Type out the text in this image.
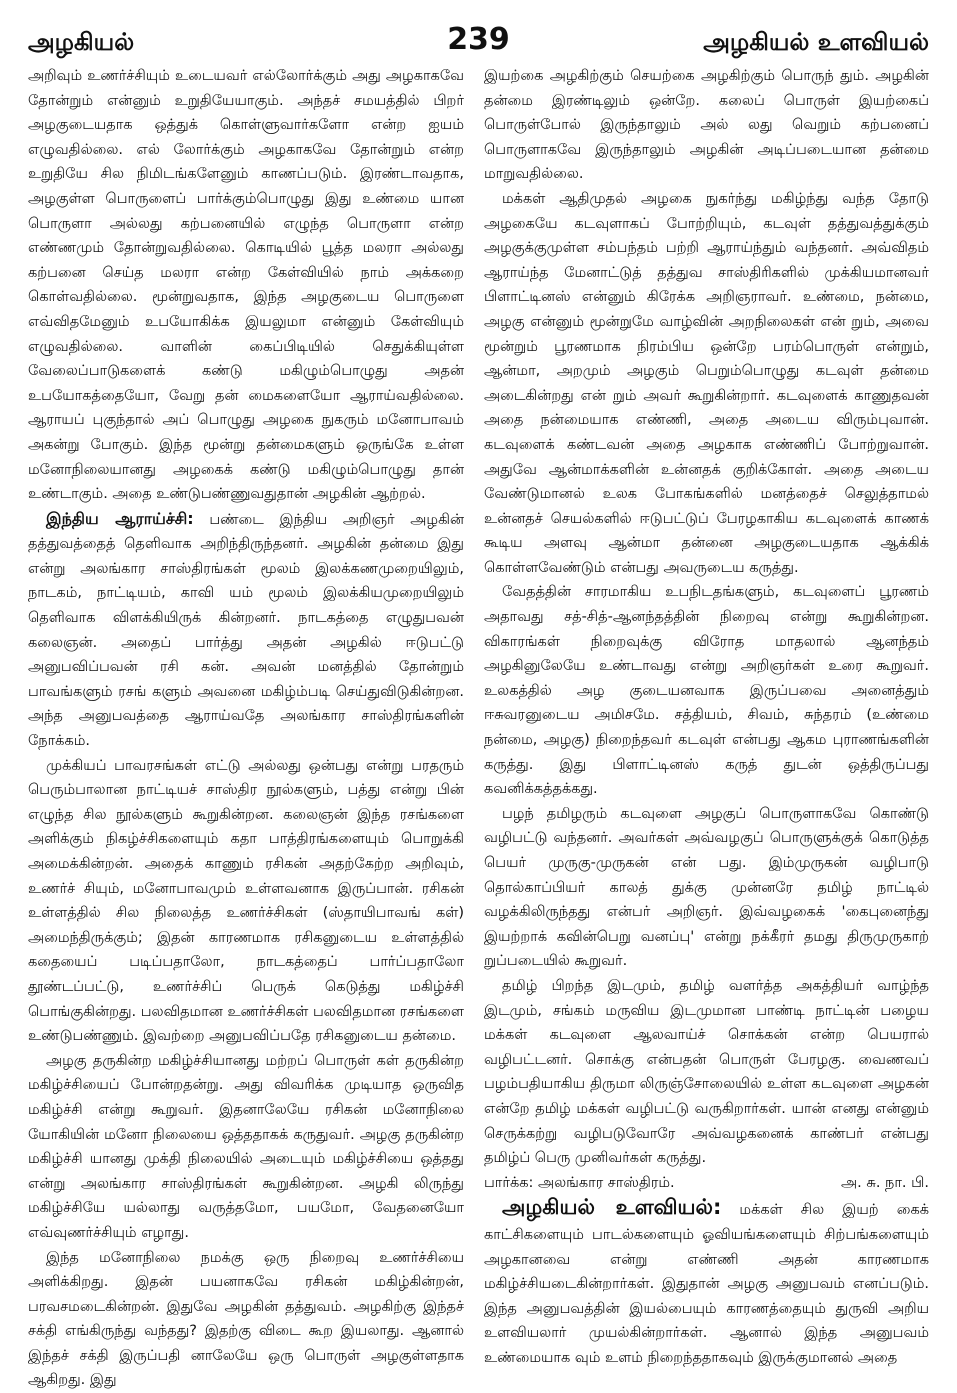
அழகியல்	239	அழகியல் உளவியல்

அறிவும் உணர்ச்சியும் உடையவர் எல்லோர்க்கும் அது அழகாகவே தோன்றும் என்னும் உறுதியேயாகும். அந்தச் சமயத்தில் பிறர் அழகுடையதாக ஒத்துக் கொள்ளுவார்களோ என்ற ஐயம் எழுவதில்லை. எல் லோர்க்கும் அழகாகவே தோன்றும் என்ற உறுதியே சில நிமிடங்களேனும் காணப்படும். இரண்டாவதாக, அழகுள்ள பொருளைப் பார்க்கும்பொழுது இது உண்மை யான பொருளா அல்லது கற்பனையில் எழுந்த பொருளா என்ற எண்ணமும் தோன்றுவதில்லை. கொடியில் பூத்த மலரா அல்லது கற்பனை செய்த மலரா என்ற கேள்வியில் நாம் அக்கறை கொள்வதில்லை. மூன்றுவதாக, இந்த அழகுடைய பொருளை எவ்விதமேனும் உபயோகிக்க இயலுமா என்னும் கேள்வியும் எழுவதில்லை. வாளின் கைப்பிடியில் செதுக்கியுள்ள வேலைப்பாடுகளைக் கண்டு மகிழும்பொழுது அதன் உபயோகத்தையோ, வேறு தன் மைகளையோ ஆராய்வதில்லை. ஆராயப் புகுந்தால் அப் பொழுது அழகை நுகரும் மனோபாவம் அகன்று போகும். இந்த மூன்று தன்மைகளும் ஒருங்கே உள்ள மனோநிலையானது அழகைக் கண்டு மகிழும்பொழுது தான் உண்டாகும். அதை உண்டுபண்ணுவதுதான் அழகின் ஆற்றல்.

இந்திய ஆராய்ச்சி: பண்டை இந்திய அறிஞர் அழகின் தத்துவத்தைத் தெளிவாக அறிந்திருந்தனர். அழகின் தன்மை இது என்று அலங்கார சாஸ்திரங்கள் மூலம் இலக்கணமுறையிலும், நாடகம், நாட்டியம், காவி யம் மூலம் இலக்கியமுறையிலும் தெளிவாக விளக்கியிருக் கின்றனர். நாடகத்தை எழுதுபவன் கலைஞன். அதைப் பார்த்து அதன் அழகில் ஈடுபட்டு அனுபவிப்பவன் ரசி கன். அவன் மனத்தில் தோன்றும் பாவங்களும் ரசங் களும் அவனை மகிழ்ம்படி செய்துவிடுகின்றன. அந்த அனுபவத்தை ஆராய்வதே அலங்கார சாஸ்திரங்களின் நோக்கம்.

முக்கியப் பாவரசங்கள் எட்டு அல்லது ஒன்பது என்று பரதரும் பெரும்பாலான நாட்டியச் சாஸ்திர நூல்களும், பத்து என்று பின் எழுந்த சில நூல்களும் கூறுகின்றன. கலைஞன் இந்த ரசங்களை அளிக்கும் நிகழ்ச்சிகளையும் கதா பாத்திரங்களையும் பொறுக்கி அமைக்கின்றன். அதைக் காணும் ரசிகன் அதற்கேற்ற அறிவும், உணர்ச் சியும், மனோபாவமும் உள்ளவனாக இருப்பான். ரசிகன் உள்ளத்தில் சில நிலைத்த உணர்ச்சிகள் (ஸ்தாயிபாவங் கள்) அமைந்திருக்கும்; இதன் காரணமாக ரசிகனுடைய உள்ளத்தில் கதையைப் படிப்பதாலோ, நாடகத்தைப் பார்ப்பதாலோ தூண்டப்பட்டு, உணர்ச்சிப் பெருக் கெடுத்து மகிழ்ச்சி பொங்குகின்றது. பலவிதமான உணர்ச்சிகள் பலவிதமான ரசங்களை உண்டுபண்ணும். இவற்றை அனுபவிப்பதே ரசிகனுடைய தன்மை.

அழகு தருகின்ற மகிழ்ச்சியானது மற்றப் பொருள் கள் தருகின்ற மகிழ்ச்சியைப் போன்றதன்று. அது விவரிக்க முடியாத ஒருவித மகிழ்ச்சி என்று கூறுவர். இதனாலேயே ரசிகன் மனோநிலை யோகியின் மனோ நிலையை ஒத்ததாகக் கருதுவர். அழகு தருகின்ற மகிழ்ச்சி யானது முக்தி நிலையில் அடையும் மகிழ்ச்சியை ஒத்தது என்று அலங்கார சாஸ்திரங்கள் கூறுகின்றன. அழகி லிருந்து மகிழ்ச்சியே யல்லாது வருத்தமோ, பயமோ, வேதனையோ எவ்வுணர்ச்சியும் எழாது.

இந்த மனோநிலை நமக்கு ஒரு நிறைவு உணர்ச்சியை அளிக்கிறது. இதன் பயனாகவே ரசிகன் மகிழ்கின்றன், பரவசமடைகின்றன். இதுவே அழகின் தத்துவம். அழகிற்கு இந்தச் சக்தி எங்கிருந்து வந்தது? இதற்கு விடை கூற இயலாது. ஆனால் இந்தச் சக்தி இருப்பதி னாலேயே ஒரு பொருள் அழகுள்ளதாக ஆகிறது. இது

இயற்கை அழகிற்கும் செயற்கை அழகிற்கும் பொருந் தும். அழகின் தன்மை இரண்டிலும் ஒன்றே. கலைப் பொருள் இயற்கைப் பொருள்போல் இருந்தாலும் அல் லது வெறும் கற்பனைப் பொருளாகவே இருந்தாலும் அழகின் அடிப்படையான தன்மை மாறுவதில்லை.

மக்கள் ஆதிமுதல் அழகை நுகர்ந்து மகிழ்ந்து வந்த தோடு அழகையே கடவுளாகப் போற்றியும், கடவுள் தத்துவத்துக்கும் அழகுக்குமுள்ள சம்பந்தம் பற்றி ஆராய்ந்தும் வந்தனர். அவ்விதம் ஆராய்ந்த மேனாட்டுத் தத்துவ சாஸ்திரிகளில் முக்கியமானவர் பிளாட்டினஸ் என்னும் கிரேக்க அறிஞராவர். உண்மை, நன்மை, அழகு என்னும் மூன்றுமே வாழ்வின் அறநிலைகள் என் றும், அவை மூன்றும் பூரணமாக நிரம்பிய ஒன்றே பரம்பொருள் என்றும், ஆன்மா, அறமும் அழகும் பெறும்பொழுது கடவுள் தன்மை அடைகின்றது என் றும் அவர் கூறுகின்றார். கடவுளைக் காணுதவன் அதை நன்மையாக எண்ணி, அதை அடைய விரும்புவான். கடவுளைக் கண்டவன் அதை அழகாக எண்ணிப் போற்றுவான். அதுவே ஆன்மாக்களின் உன்னதக் குறிக்கோள். அதை அடைய வேண்டுமானல் உலக போகங்களில் மனத்தைச் செலுத்தாமல் உன்னதச் செயல்களில் ஈடுபட்டுப் பேரழகாகிய கடவுளைக் காணக் கூடிய அளவு ஆன்மா தன்னை அழகுடையதாக ஆக்கிக் கொள்ளவேண்டும் என்பது அவருடைய கருத்து.

வேதத்தின் சாரமாகிய உபநிடதங்களும், கடவுளைப் பூரணம் அதாவது சத்-சித்-ஆனந்தத்தின் நிறைவு என்று கூறுகின்றன. விகாரங்கள் நிறைவுக்கு விரோத மாதலால் ஆனந்தம் அழகினுலேயே உண்டாவது என்று அறிஞர்கள் உரை கூறுவர். உலகத்தில் அழ குடையனவாக இருப்பவை அனைத்தும் ஈசுவரனுடைய அமிசமே. சத்தியம், சிவம், சுந்தரம் (உண்மை நன்மை, அழகு) நிறைந்தவர் கடவுள் என்பது ஆகம புராணங்களின் கருத்து. இது பிளாட்டினஸ் கருத் துடன் ஒத்திருப்பது கவனிக்கத்தக்கது.

பழந் தமிழரும் கடவுளை அழகுப் பொருளாகவே கொண்டு வழிபட்டு வந்தனர். அவர்கள் அவ்வழகுப் பொருளுக்குக் கொடுத்த பெயர் முருகு-முருகன் என் பது. இம்முருகன் வழிபாடு தொல்காப்பியர் காலத் துக்கு முன்னரே தமிழ் நாட்டில் வழக்கிலிருந்தது என்பர் அறிஞர். இவ்வழகைக் 'கைபுனைந்து இயற்றாக் கவின்பெறு வனப்பு' என்று நக்கீரர் தமது திருமுருகாற் றுப்படையில் கூறுவர்.

தமிழ் பிறந்த இடமும், தமிழ் வளர்த்த அகத்தியர் வாழ்ந்த இடமும், சங்கம் மருவிய இடமுமான பாண்டி நாட்டின் பழைய மக்கள் கடவுளை ஆலவாய்ச் சொக்கன் என்ற பெயரால் வழிபட்டனர். சொக்கு என்பதன் பொருள் பேரழகு. வைணவப் பழம்பதியாகிய திருமா லிருஞ்சோலையில் உள்ள கடவுளை அழகன் என்றே தமிழ் மக்கள் வழிபட்டு வருகிறார்கள். யான் எனது என்னும் செருக்கற்று வழிபடுவோரே அவ்வழகனைக் காண்பர் என்பது தமிழ்ப் பெரு முனிவர்கள் கருத்து.

பார்க்க: அலங்கார சாஸ்திரம்.	அ. சு. நா. பி.

அழகியல் உளவியல்: மக்கள் சில இயற் கைக் காட்சிகளையும் பாடல்களையும் ஓவியங்களையும் சிற்பங்களையும் அழகானவை என்று எண்ணி அதன் காரணமாக மகிழ்ச்சியடைகின்றார்கள். இதுதான் அழகு அனுபவம் எனப்படும். இந்த அனுபவத்தின் இயல்பையும் காரணத்தையும் துருவி அறிய உளவியலார் முயல்கின்றார்கள். ஆனால் இந்த அனுபவம் உண்மையாக வும் உளம் நிறைந்ததாகவும் இருக்குமானல் அதை
